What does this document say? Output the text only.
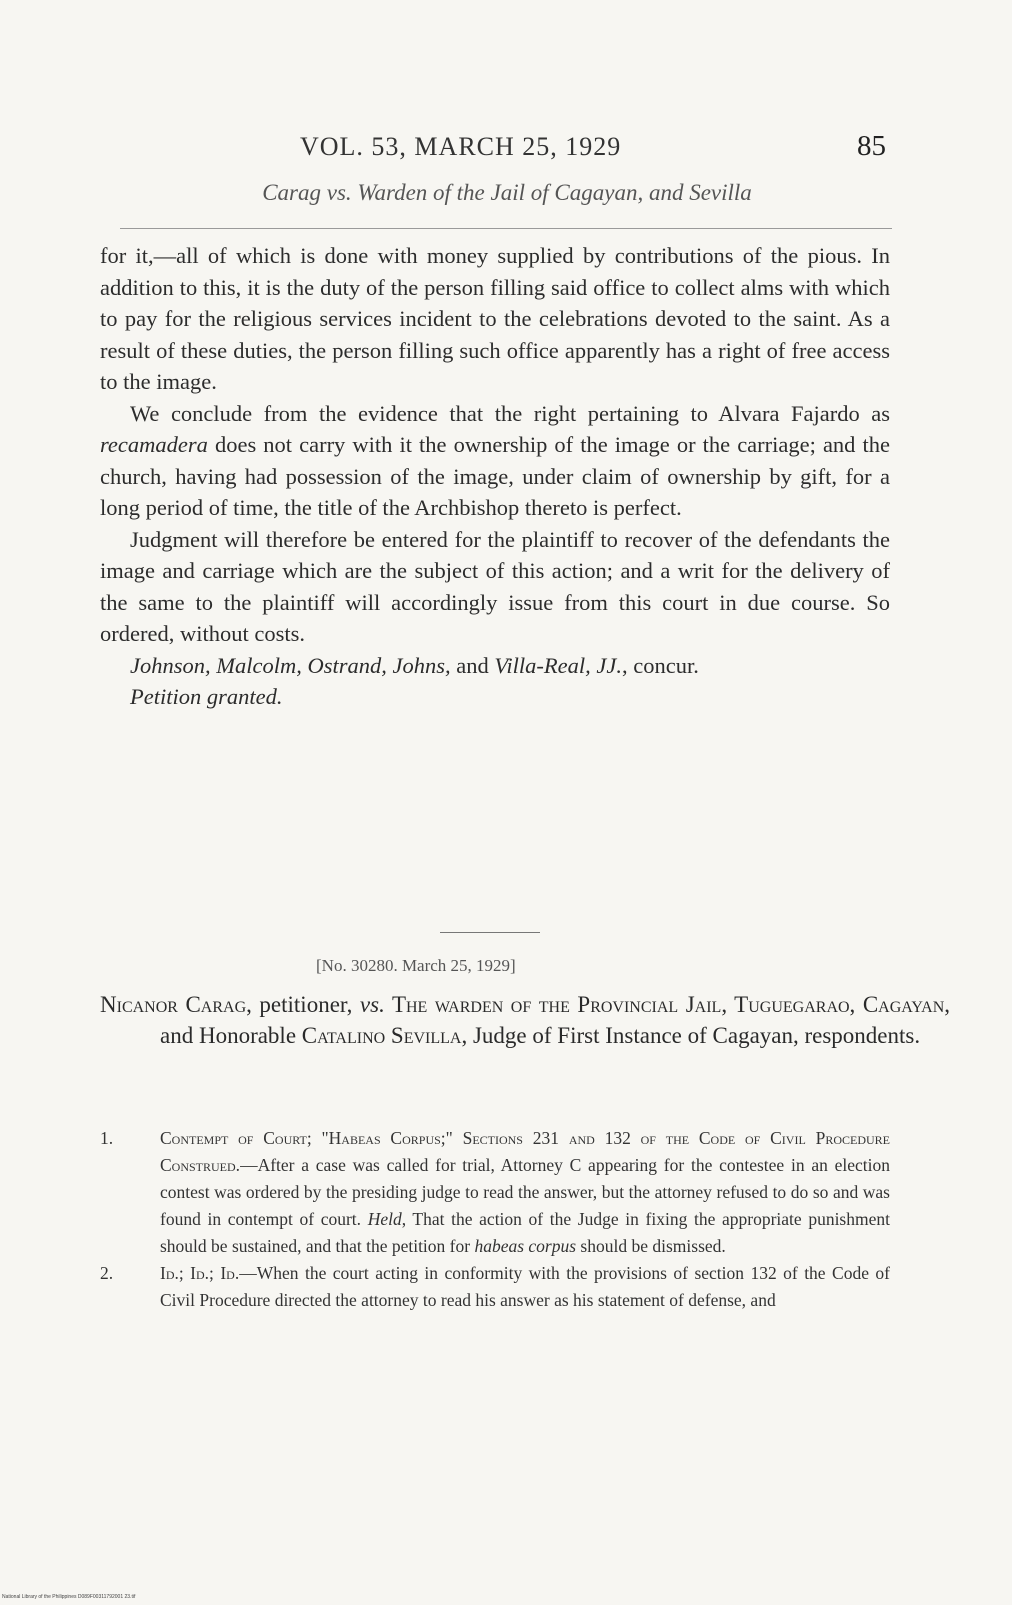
VOL. 53, MARCH 25, 1929	85
Carag vs. Warden of the Jail of Cagayan, and Sevilla

for it,—all of which is done with money supplied by contributions of the pious. In addition to this, it is the duty of the person filling said office to collect alms with which to pay for the religious services incident to the celebrations devoted to the saint. As a result of these duties, the person filling such office apparently has a right of free access to the image.

We conclude from the evidence that the right pertaining to Alvara Fajardo as recamadera does not carry with it the ownership of the image or the carriage; and the church, having had possession of the image, under claim of ownership by gift, for a long period of time, the title of the Archbishop thereto is perfect.

Judgment will therefore be entered for the plaintiff to recover of the defendants the image and carriage which are the subject of this action; and a writ for the delivery of the same to the plaintiff will accordingly issue from this court in due course. So ordered, without costs.

Johnson, Malcolm, Ostrand, Johns, and Villa-Real, JJ., concur.

Petition granted.

[No. 30280. March 25, 1929]
Nicanor Carag, petitioner, vs. The warden of the Provincial Jail, Tuguegarao, Cagayan, and Honorable Catalino Sevilla, Judge of First Instance of Cagayan, respondents.

1.	Contempt of Court; "Habeas Corpus;" Sections 231 and 132 of the Code of Civil Procedure Construed.—After a case was called for trial, Attorney C appearing for the contestee in an election contest was ordered by the presiding judge to read the answer, but the attorney refused to do so and was found in contempt of court. Held, That the action of the Judge in fixing the appropriate punishment should be sustained, and that the petition for habeas corpus should be dismissed.

2.	Id.; Id.; Id.—When the court acting in conformity with the provisions of section 132 of the Code of Civil Procedure directed the attorney to read his answer as his statement of defense, and

National Library of the Philippines D089F00311792001 23.tif
